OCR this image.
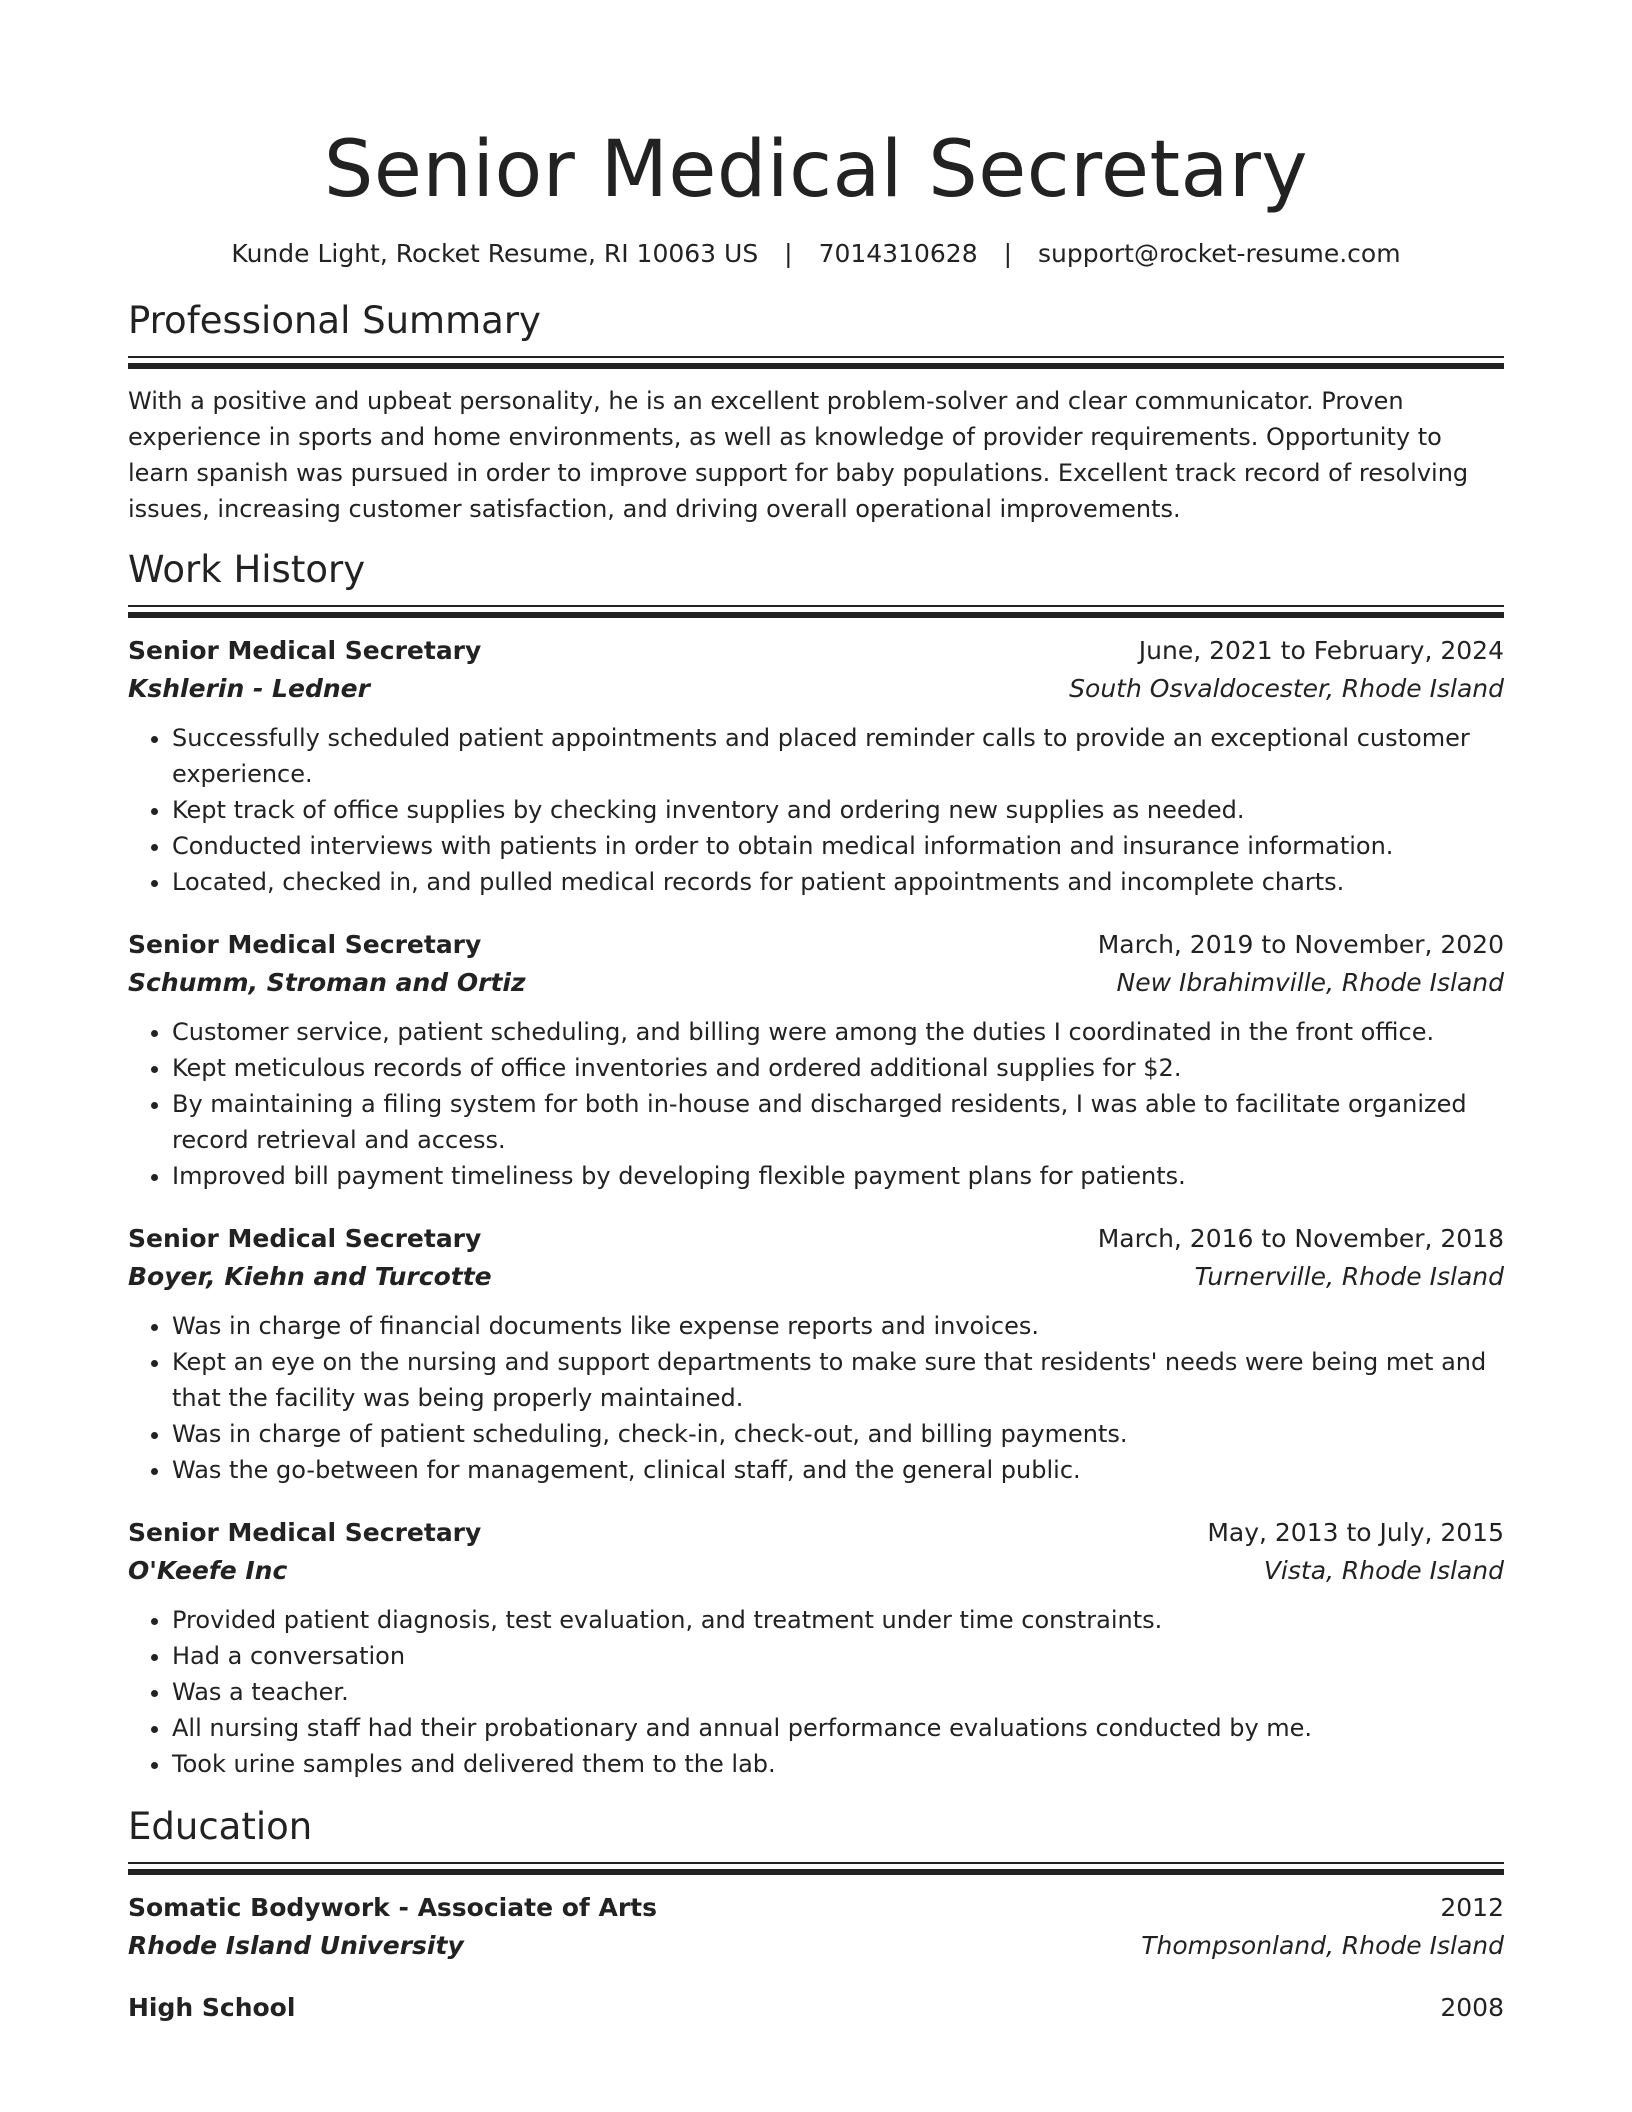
Senior Medical Secretary
Kunde Light, Rocket Resume, RI 10063 US | 7014310628 | support@rocket-resume.com
Professional Summary

With a positive and upbeat personality, he is an excellent problem-solver and clear communicator. Proven experience in sports and home environments, as well as knowledge of provider requirements. Opportunity to learn spanish was pursued in order to improve support for baby populations. Excellent track record of resolving issues, increasing customer satisfaction, and driving overall operational improvements.

Work History
Senior Medical Secretary	June, 2021 to February, 2024
Kshlerin - Ledner	South Osvaldocester, Rhode Island
• Successfully scheduled patient appointments and placed reminder calls to provide an exceptional customer experience.
• Kept track of office supplies by checking inventory and ordering new supplies as needed.
• Conducted interviews with patients in order to obtain medical information and insurance information.
• Located, checked in, and pulled medical records for patient appointments and incomplete charts.
Senior Medical Secretary	March, 2019 to November, 2020
Schumm, Stroman and Ortiz	New Ibrahimville, Rhode Island
• Customer service, patient scheduling, and billing were among the duties I coordinated in the front office.
• Kept meticulous records of office inventories and ordered additional supplies for $2.
• By maintaining a filing system for both in-house and discharged residents, I was able to facilitate organized record retrieval and access.
• Improved bill payment timeliness by developing flexible payment plans for patients.
Senior Medical Secretary	March, 2016 to November, 2018
Boyer, Kiehn and Turcotte	Turnerville, Rhode Island
• Was in charge of financial documents like expense reports and invoices.
• Kept an eye on the nursing and support departments to make sure that residents' needs were being met and that the facility was being properly maintained.
• Was in charge of patient scheduling, check-in, check-out, and billing payments.
• Was the go-between for management, clinical staff, and the general public.
Senior Medical Secretary	May, 2013 to July, 2015
O'Keefe Inc	Vista, Rhode Island
• Provided patient diagnosis, test evaluation, and treatment under time constraints.
• Had a conversation
• Was a teacher.
• All nursing staff had their probationary and annual performance evaluations conducted by me.
• Took urine samples and delivered them to the lab.
Education
Somatic Bodywork - Associate of Arts	2012
Rhode Island University	Thompsonland, Rhode Island
High School	2008
